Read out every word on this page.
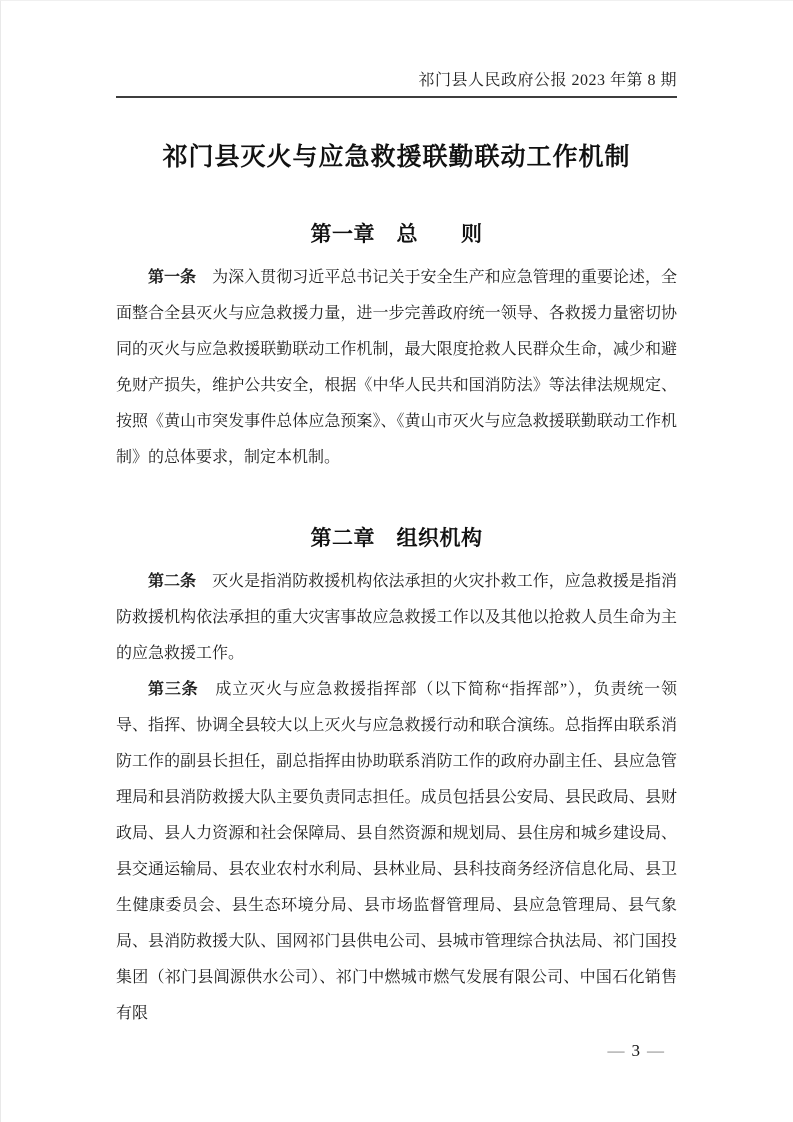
祁门县人民政府公报 2023 年第 8 期
祁门县灭火与应急救援联勤联动工作机制
第一章　总　　则

第一条　为深入贯彻习近平总书记关于安全生产和应急管理的重要论述，全面整合全县灭火与应急救援力量，进一步完善政府统一领导、各救援力量密切协同的灭火与应急救援联勤联动工作机制，最大限度抢救人民群众生命，减少和避免财产损失，维护公共安全，根据《中华人民共和国消防法》等法律法规规定、按照《黄山市突发事件总体应急预案》、《黄山市灭火与应急救援联勤联动工作机制》的总体要求，制定本机制。

第二章　组织机构

第二条　灭火是指消防救援机构依法承担的火灾扑救工作，应急救援是指消防救援机构依法承担的重大灾害事故应急救援工作以及其他以抢救人员生命为主的应急救援工作。

第三条　成立灭火与应急救援指挥部（以下简称“指挥部”），负责统一领导、指挥、协调全县较大以上灭火与应急救援行动和联合演练。总指挥由联系消防工作的副县长担任，副总指挥由协助联系消防工作的政府办副主任、县应急管理局和县消防救援大队主要负责同志担任。成员包括县公安局、县民政局、县财政局、县人力资源和社会保障局、县自然资源和规划局、县住房和城乡建设局、县交通运输局、县农业农村水利局、县林业局、县科技商务经济信息化局、县卫生健康委员会、县生态环境分局、县市场监督管理局、县应急管理局、县气象局、县消防救援大队、国网祁门县供电公司、县城市管理综合执法局、祁门国投集团（祁门县阊源供水公司）、祁门中燃城市燃气发展有限公司、中国石化销售有限

— 3 —
